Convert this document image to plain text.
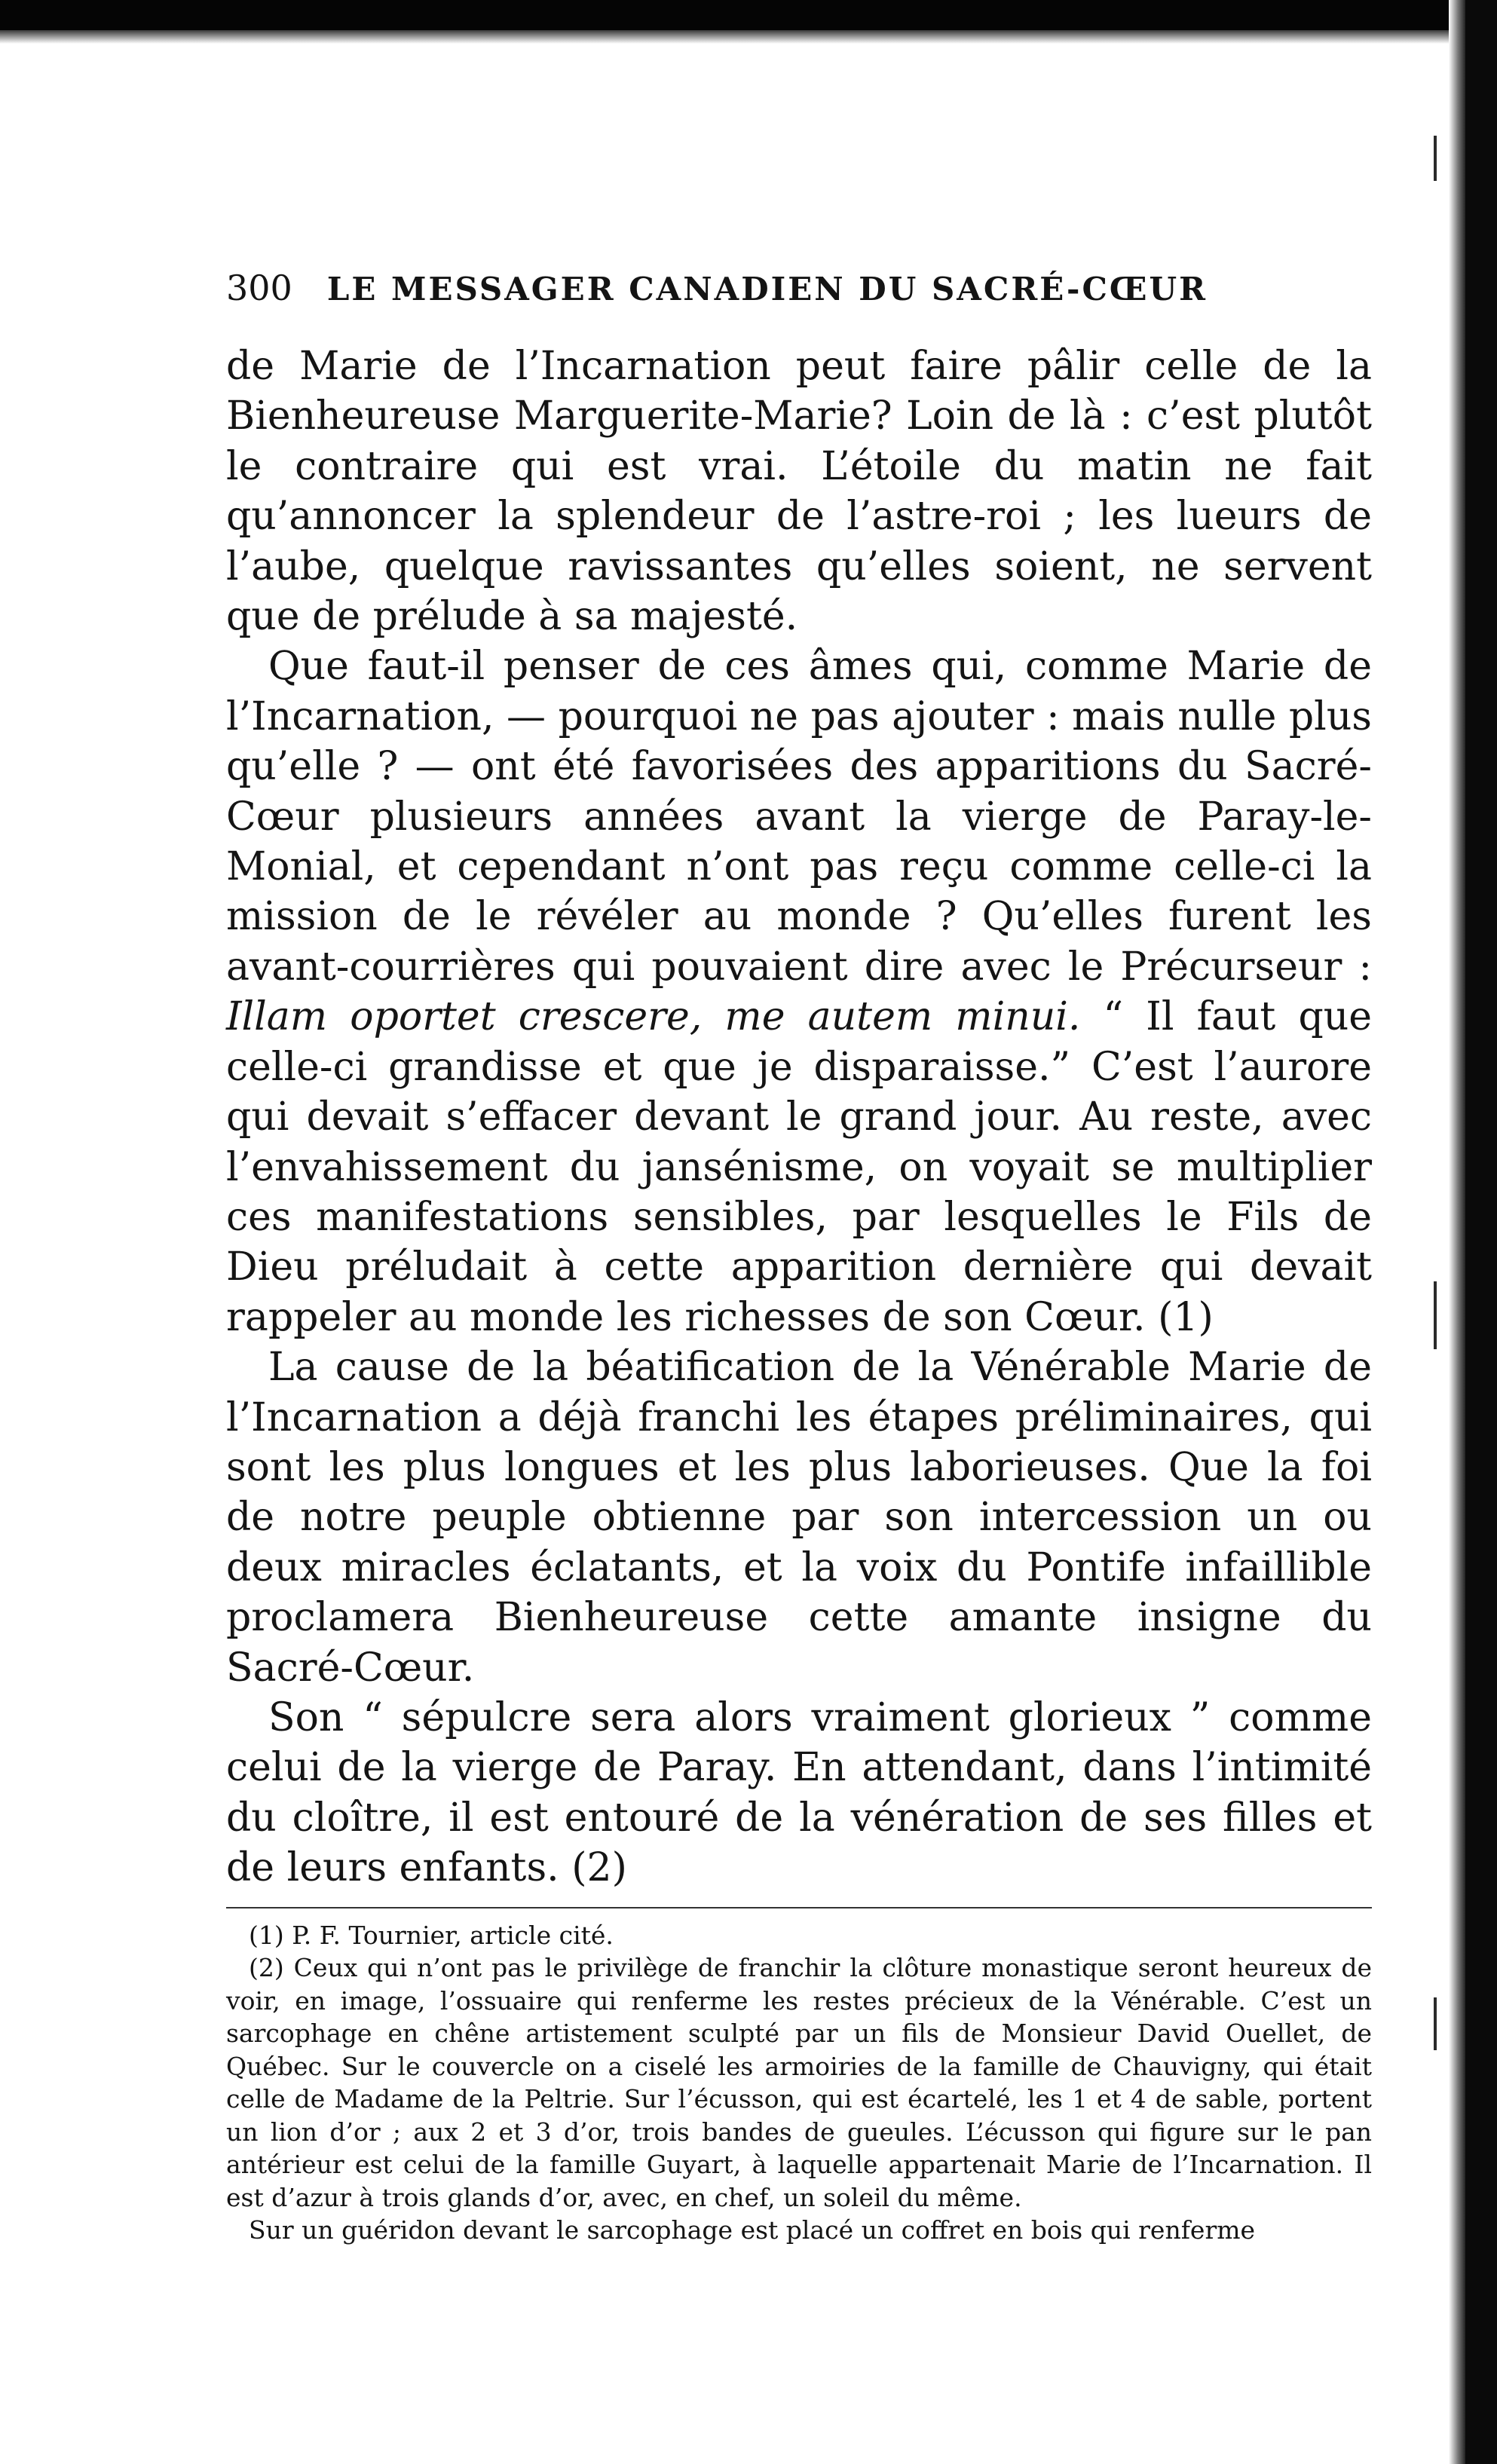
300 LE MESSAGER CANADIEN DU SACRÉ-CŒUR

de Marie de l’Incarnation peut faire pâlir celle de la Bienheureuse Marguerite-Marie? Loin de là : c’est plutôt le contraire qui est vrai. L’étoile du matin ne fait qu’annoncer la splendeur de l’astre-roi ; les lueurs de l’aube, quelque ravissantes qu’elles soient, ne servent que de prélude à sa majesté.

Que faut-il penser de ces âmes qui, comme Marie de l’Incarnation, — pourquoi ne pas ajouter : mais nulle plus qu’elle ? — ont été favorisées des apparitions du Sacré-Cœur plusieurs années avant la vierge de Paray-le-Monial, et cependant n’ont pas reçu comme celle-ci la mission de le révéler au monde ? Qu’elles furent les avant-courrières qui pouvaient dire avec le Précurseur : Illam oportet crescere, me autem minui. “ Il faut que celle-ci grandisse et que je disparaisse.” C’est l’aurore qui devait s’effacer devant le grand jour. Au reste, avec l’envahissement du jansénisme, on voyait se multiplier ces manifestations sensibles, par lesquelles le Fils de Dieu préludait à cette apparition dernière qui devait rappeler au monde les richesses de son Cœur. (1)

La cause de la béatification de la Vénérable Marie de l’Incarnation a déjà franchi les étapes préliminaires, qui sont les plus longues et les plus laborieuses. Que la foi de notre peuple obtienne par son intercession un ou deux miracles éclatants, et la voix du Pontife infaillible proclamera Bienheureuse cette amante insigne du Sacré-Cœur.

Son “ sépulcre sera alors vraiment glorieux ” comme celui de la vierge de Paray. En attendant, dans l’intimité du cloître, il est entouré de la vénération de ses filles et de leurs enfants. (2)

(1) P. F. Tournier, article cité.

(2) Ceux qui n’ont pas le privilège de franchir la clôture monastique seront heureux de voir, en image, l’ossuaire qui renferme les restes précieux de la Vénérable. C’est un sarcophage en chêne artistement sculpté par un fils de Monsieur David Ouellet, de Québec. Sur le couvercle on a ciselé les armoiries de la famille de Chauvigny, qui était celle de Madame de la Peltrie. Sur l’écusson, qui est écartelé, les 1 et 4 de sable, portent un lion d’or ; aux 2 et 3 d’or, trois bandes de gueules. L’écusson qui figure sur le pan antérieur est celui de la famille Guyart, à laquelle appartenait Marie de l’Incarnation. Il est d’azur à trois glands d’or, avec, en chef, un soleil du même.

Sur un guéridon devant le sarcophage est placé un coffret en bois qui renferme
